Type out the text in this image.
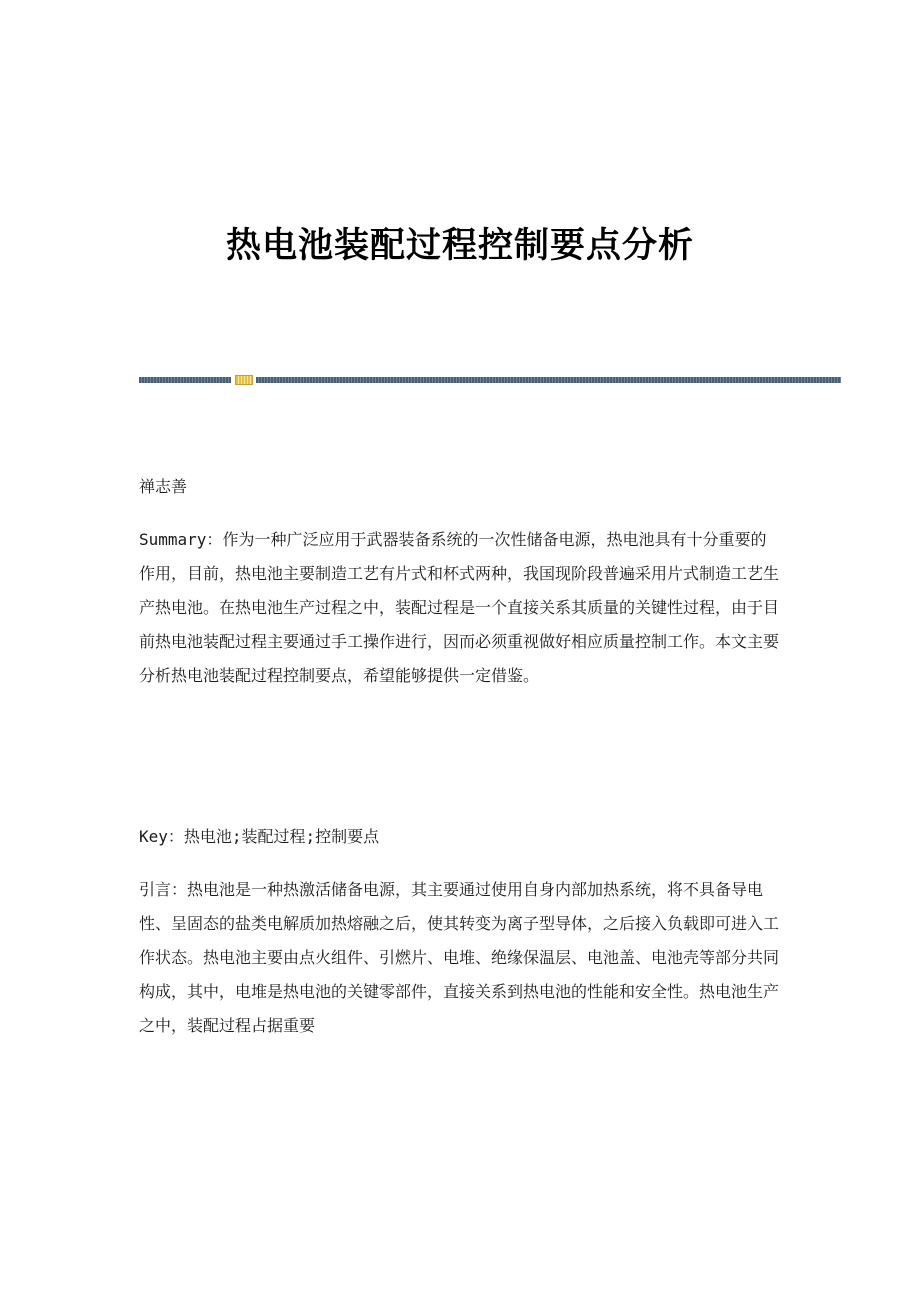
热电池装配过程控制要点分析

禅志善

Summary：作为一种广泛应用于武器装备系统的一次性储备电源，热电池具有十分重要的作用，目前，热电池主要制造工艺有片式和杯式两种，我国现阶段普遍采用片式制造工艺生产热电池。在热电池生产过程之中，装配过程是一个直接关系其质量的关键性过程，由于目前热电池装配过程主要通过手工操作进行，因而必须重视做好相应质量控制工作。本文主要分析热电池装配过程控制要点，希望能够提供一定借鉴。

Key：热电池;装配过程;控制要点

引言：热电池是一种热激活储备电源，其主要通过使用自身内部加热系统，将不具备导电性、呈固态的盐类电解质加热熔融之后，使其转变为离子型导体，之后接入负载即可进入工作状态。热电池主要由点火组件、引燃片、电堆、绝缘保温层、电池盖、电池壳等部分共同构成，其中，电堆是热电池的关键零部件，直接关系到热电池的性能和安全性。热电池生产之中，装配过程占据重要
